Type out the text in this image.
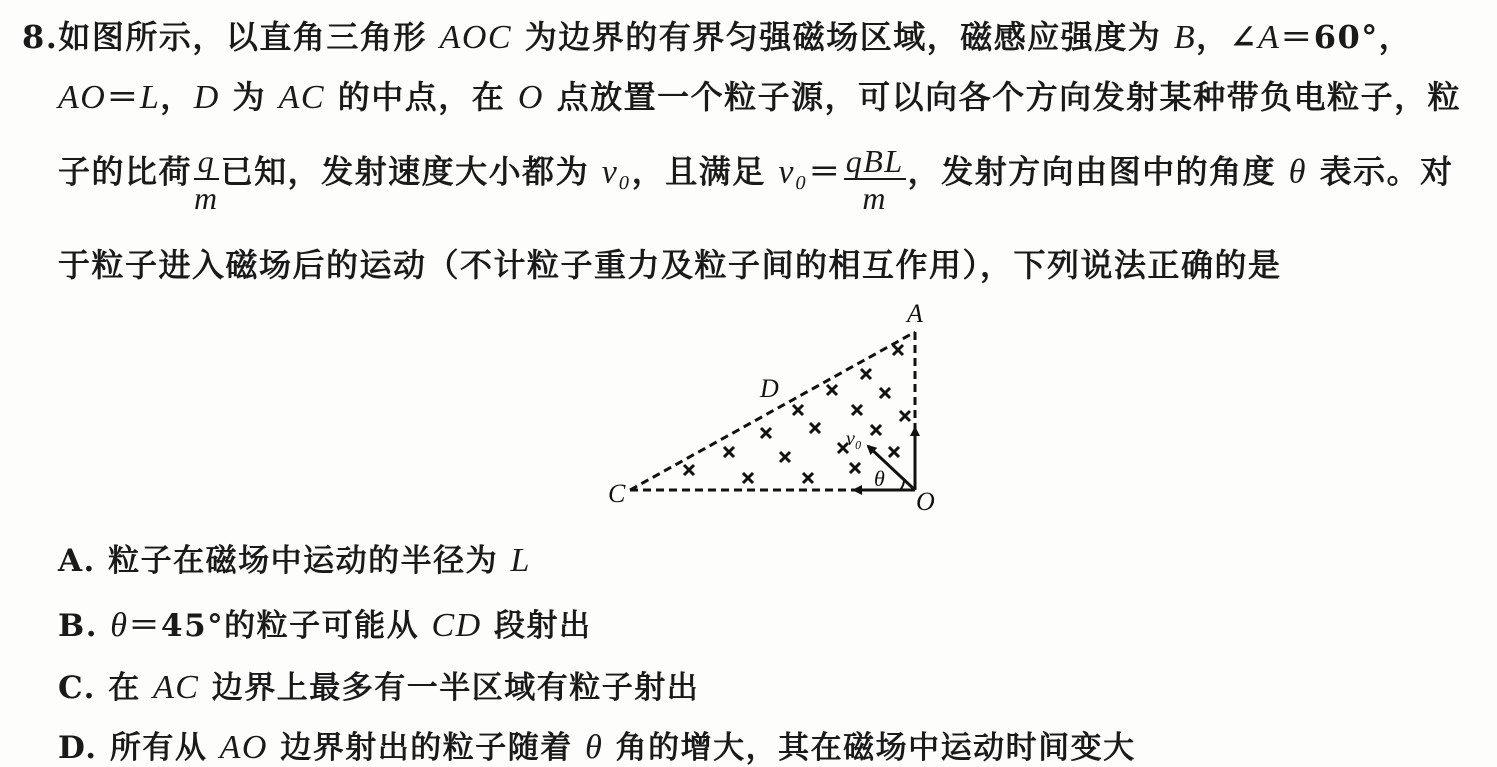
8.如图所示，以直角三角形 AOC 为边界的有界匀强磁场区域，磁感应强度为 B，∠A＝60°，
AO＝L，D 为 AC 的中点，在 O 点放置一个粒子源，可以向各个方向发射某种带负电粒子，粒
子的比荷 $\frac{q}{m}$ 已知，发射速度大小都为 v₀，且满足 $v_0= \frac{\text{qBL}}{m}$ ，发射方向由图中的角度 θ 表示。对
于粒子进入磁场后的运动（不计粒子重力及粒子间的相互作用），下列说法正确的是
A
O
C
D
v₀
θ
A. 粒子在磁场中运动的半径为 L
B. θ＝45°的粒子可能从 CD 段射出
C. 在 AC 边界上最多有一半区域有粒子射出
D. 所有从 AO 边界射出的粒子随着 θ 角的增大，其在磁场中运动时间变大
